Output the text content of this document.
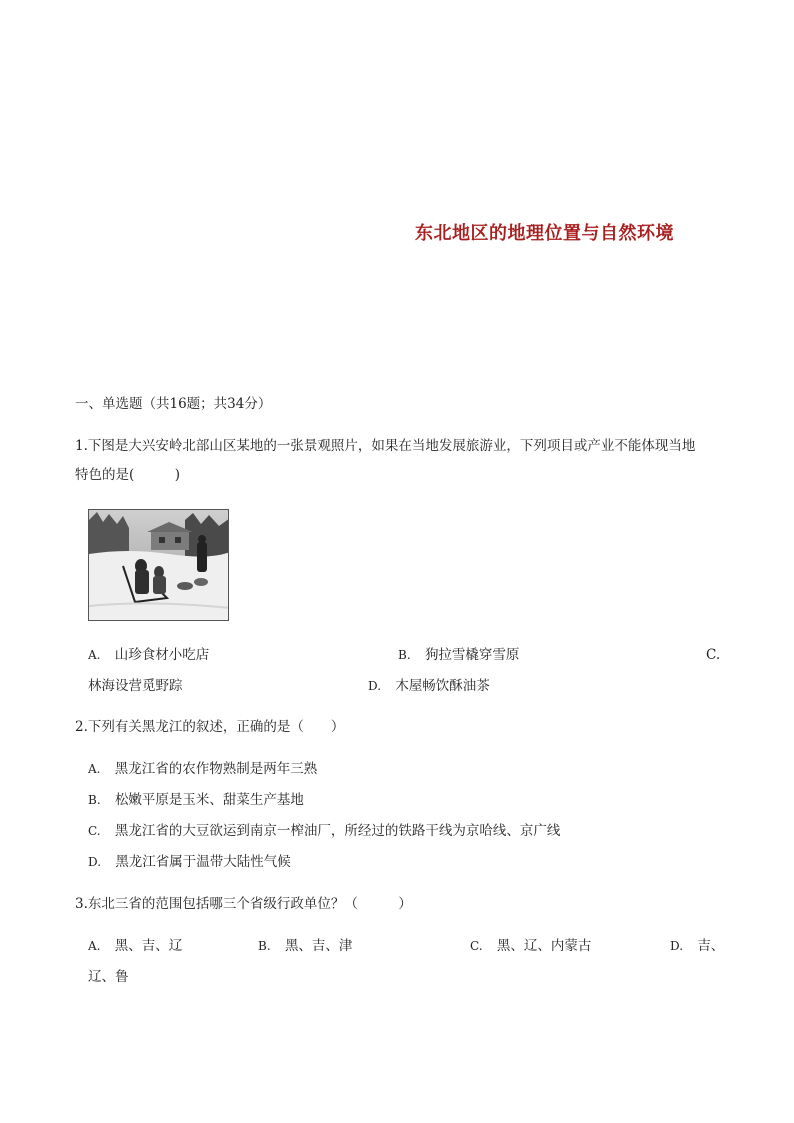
东北地区的地理位置与自然环境
一、单选题（共16题；共34分）
1.下图是大兴安岭北部山区某地的一张景观照片，如果在当地发展旅游业，下列项目或产业不能体现当地
特色的是(　　　)
A. 山珍食材小吃店	B. 狗拉雪橇穿雪原	C.
林海设营觅野踪	D. 木屋畅饮酥油茶
2.下列有关黑龙江的叙述，正确的是（　　）
A. 黑龙江省的农作物熟制是两年三熟
B. 松嫩平原是玉米、甜菜生产基地
C. 黑龙江省的大豆欲运到南京一榨油厂，所经过的铁路干线为京哈线、京广线
D. 黑龙江省属于温带大陆性气候
3.东北三省的范围包括哪三个省级行政单位？（　　　）
A. 黑、吉、辽	B. 黑、吉、津	C. 黑、辽、内蒙古	D. 吉、
辽、鲁
